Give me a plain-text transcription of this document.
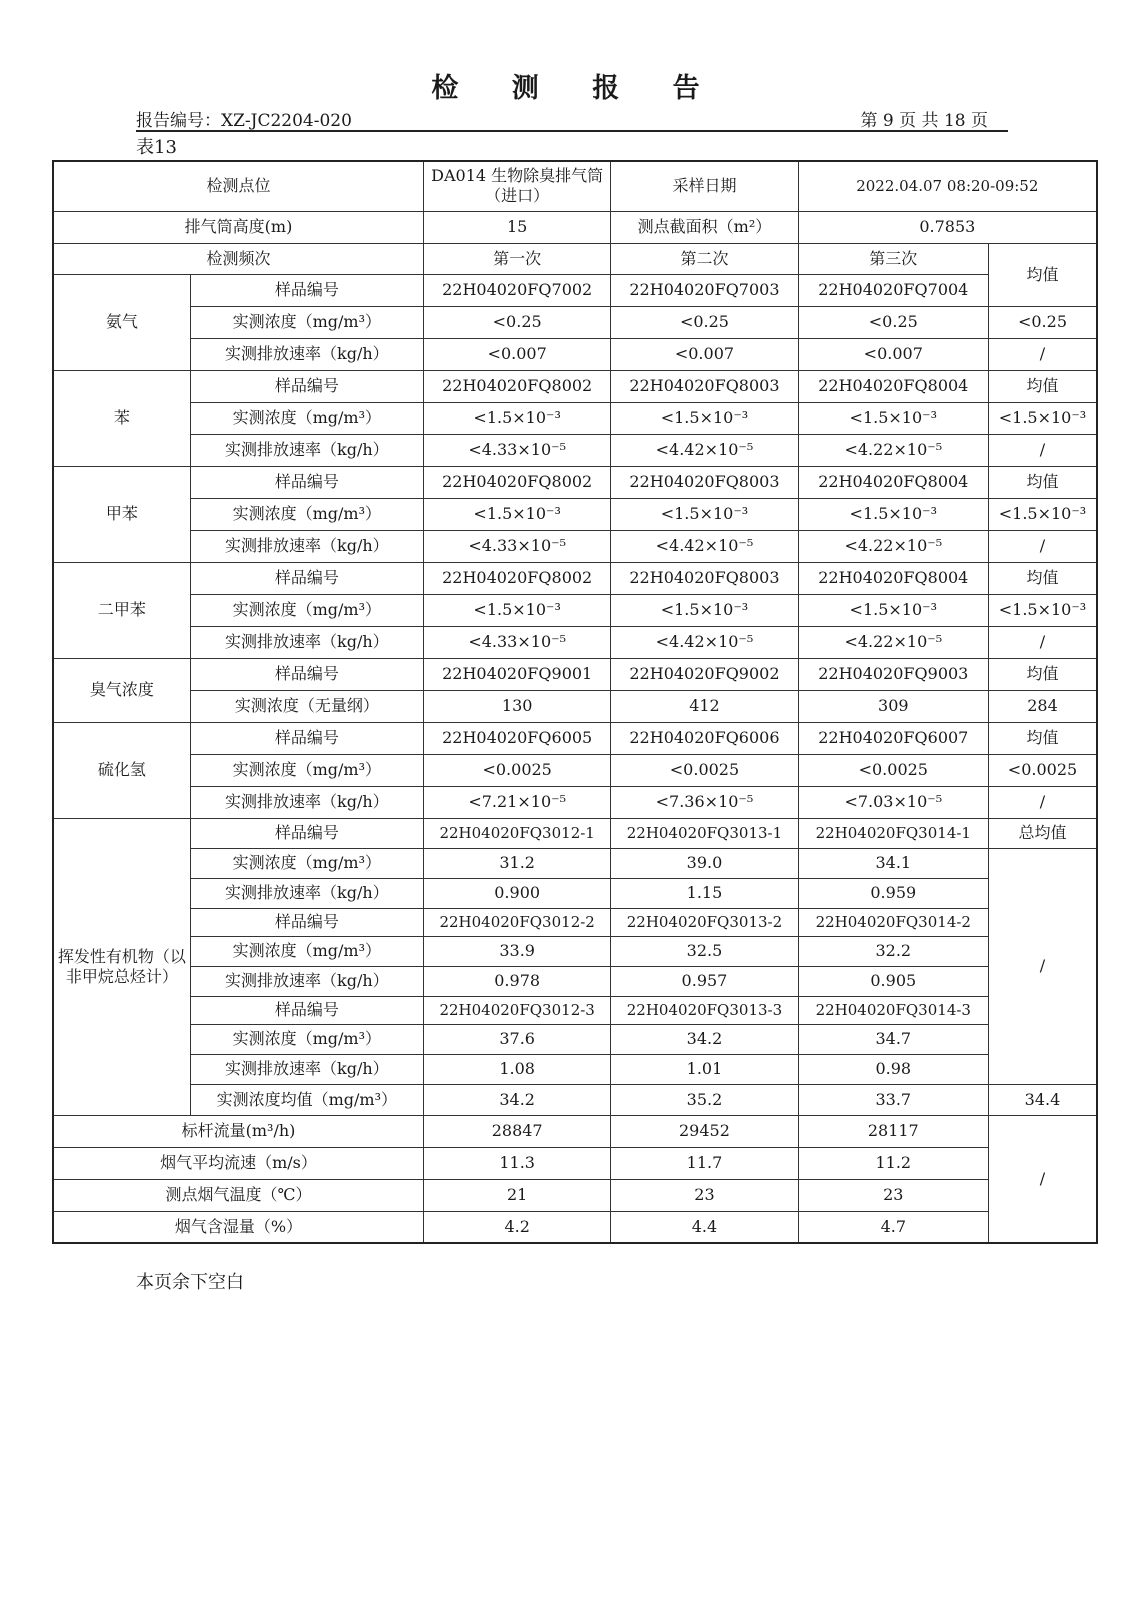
检 测 报 告
报告编号：XZ-JC2204-020	第 9 页 共 18 页
表13
检测点位		DA014 生物除臭排气筒（进口）	采样日期	2022.04.07 08:20-09:52	
排气筒高度(m)		15	测点截面积（m²）	0.7853	
检测频次		第一次	第二次	第三次	均值
氨气	样品编号	22H04020FQ7002	22H04020FQ7003	22H04020FQ7004	
	实测浓度（mg/m³）	<0.25	<0.25	<0.25	<0.25
	实测排放速率（kg/h）	<0.007	<0.007	<0.007	/
苯	样品编号	22H04020FQ8002	22H04020FQ8003	22H04020FQ8004	均值
	实测浓度（mg/m³）	<1.5×10⁻³	<1.5×10⁻³	<1.5×10⁻³	<1.5×10⁻³
	实测排放速率（kg/h）	<4.33×10⁻⁵	<4.42×10⁻⁵	<4.22×10⁻⁵	/
甲苯	样品编号	22H04020FQ8002	22H04020FQ8003	22H04020FQ8004	均值
	实测浓度（mg/m³）	<1.5×10⁻³	<1.5×10⁻³	<1.5×10⁻³	<1.5×10⁻³
	实测排放速率（kg/h）	<4.33×10⁻⁵	<4.42×10⁻⁵	<4.22×10⁻⁵	/
二甲苯	样品编号	22H04020FQ8002	22H04020FQ8003	22H04020FQ8004	均值
	实测浓度（mg/m³）	<1.5×10⁻³	<1.5×10⁻³	<1.5×10⁻³	<1.5×10⁻³
	实测排放速率（kg/h）	<4.33×10⁻⁵	<4.42×10⁻⁵	<4.22×10⁻⁵	/
臭气浓度	样品编号	22H04020FQ9001	22H04020FQ9002	22H04020FQ9003	均值
	实测浓度（无量纲）	130	412	309	284
硫化氢	样品编号	22H04020FQ6005	22H04020FQ6006	22H04020FQ6007	均值
	实测浓度（mg/m³）	<0.0025	<0.0025	<0.0025	<0.0025
	实测排放速率（kg/h）	<7.21×10⁻⁵	<7.36×10⁻⁵	<7.03×10⁻⁵	/
挥发性有机物（以非甲烷总烃计）	样品编号	22H04020FQ3012-1	22H04020FQ3013-1	22H04020FQ3014-1	总均值
	实测浓度（mg/m³）	31.2	39.0	34.1	/
	实测排放速率（kg/h）	0.900	1.15	0.959	
	样品编号	22H04020FQ3012-2	22H04020FQ3013-2	22H04020FQ3014-2	
	实测浓度（mg/m³）	33.9	32.5	32.2	
	实测排放速率（kg/h）	0.978	0.957	0.905	
	样品编号	22H04020FQ3012-3	22H04020FQ3013-3	22H04020FQ3014-3	
	实测浓度（mg/m³）	37.6	34.2	34.7	
	实测排放速率（kg/h）	1.08	1.01	0.98	
	实测浓度均值（mg/m³）	34.2	35.2	33.7	34.4
标杆流量(m³/h)		28847	29452	28117	/
烟气平均流速（m/s）		11.3	11.7	11.2	
测点烟气温度（℃）		21	23	23	
烟气含湿量（%）		4.2	4.4	4.7	
本页余下空白
